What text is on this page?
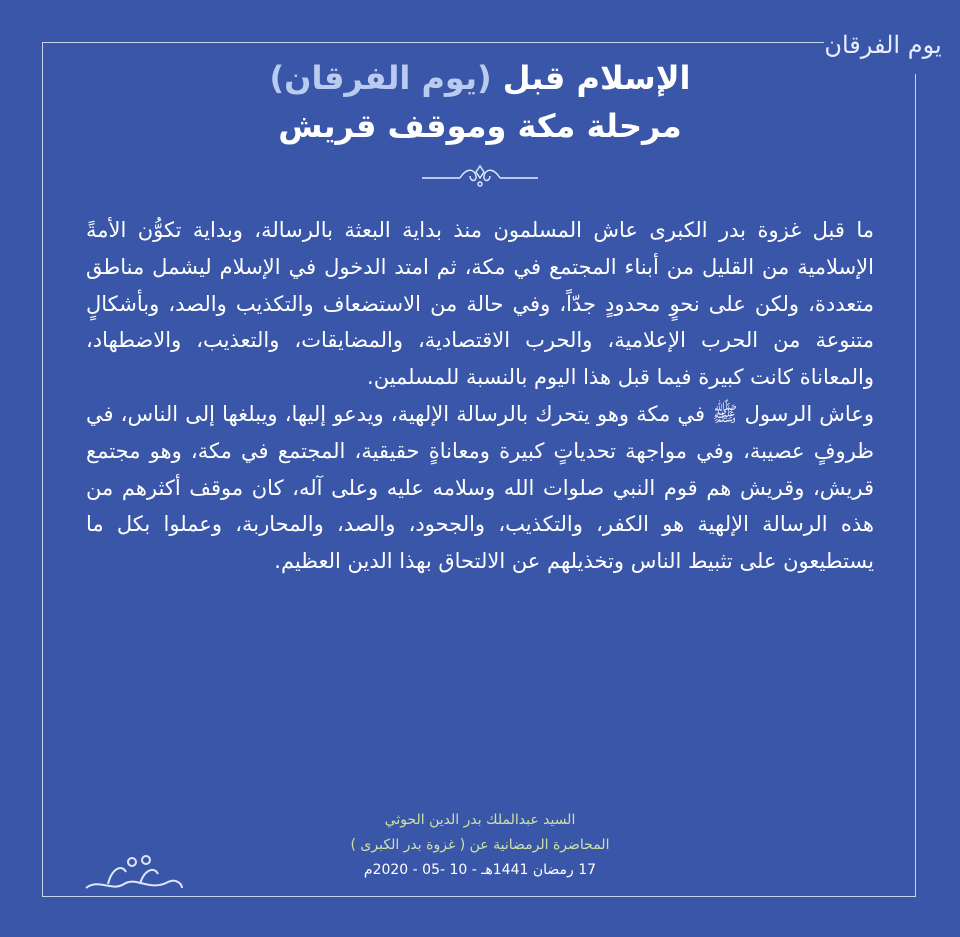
يوم الفرقان
الإسلام قبل (يوم الفرقان)
مرحلة مكة وموقف قريش

ما قبل غزوة بدر الكبرى عاش المسلمون منذ بداية البعثة بالرسالة، وبداية تكوُّن الأمةً الإسلامية من القليل من أبناء المجتمع في مكة، ثم امتد الدخول في الإسلام ليشمل مناطق متعددة، ولكن على نحوٍ محدودٍ جدّاً، وفي حالة من الاستضعاف والتكذيب والصد، وبأشكالٍ متنوعة من الحرب الإعلامية، والحرب الاقتصادية، والمضايقات، والتعذيب، والاضطهاد، والمعاناة كانت كبيرة فيما قبل هذا اليوم بالنسبة للمسلمين.

وعاش الرسول ﷺ في مكة وهو يتحرك بالرسالة الإلهية، ويدعو إليها، ويبلغها إلى الناس، في ظروفٍ عصيبة، وفي مواجهة تحدياتٍ كبيرة ومعاناةٍ حقيقية، المجتمع في مكة، وهو مجتمع قريش، وقريش هم قوم النبي صلوات الله وسلامه عليه وعلى آله، كان موقف أكثرهم من هذه الرسالة الإلهية هو الكفر، والتكذيب، والجحود، والصد، والمحاربة، وعملوا بكل ما يستطيعون على تثبيط الناس وتخذيلهم عن الالتحاق بهذا الدين العظيم.

السيد عبدالملك بدر الدين الحوثي
المحاضرة الرمضانية عن ( غزوة بدر الكبرى )
17 رمضان 1441هـ - 10 -05 - 2020م
